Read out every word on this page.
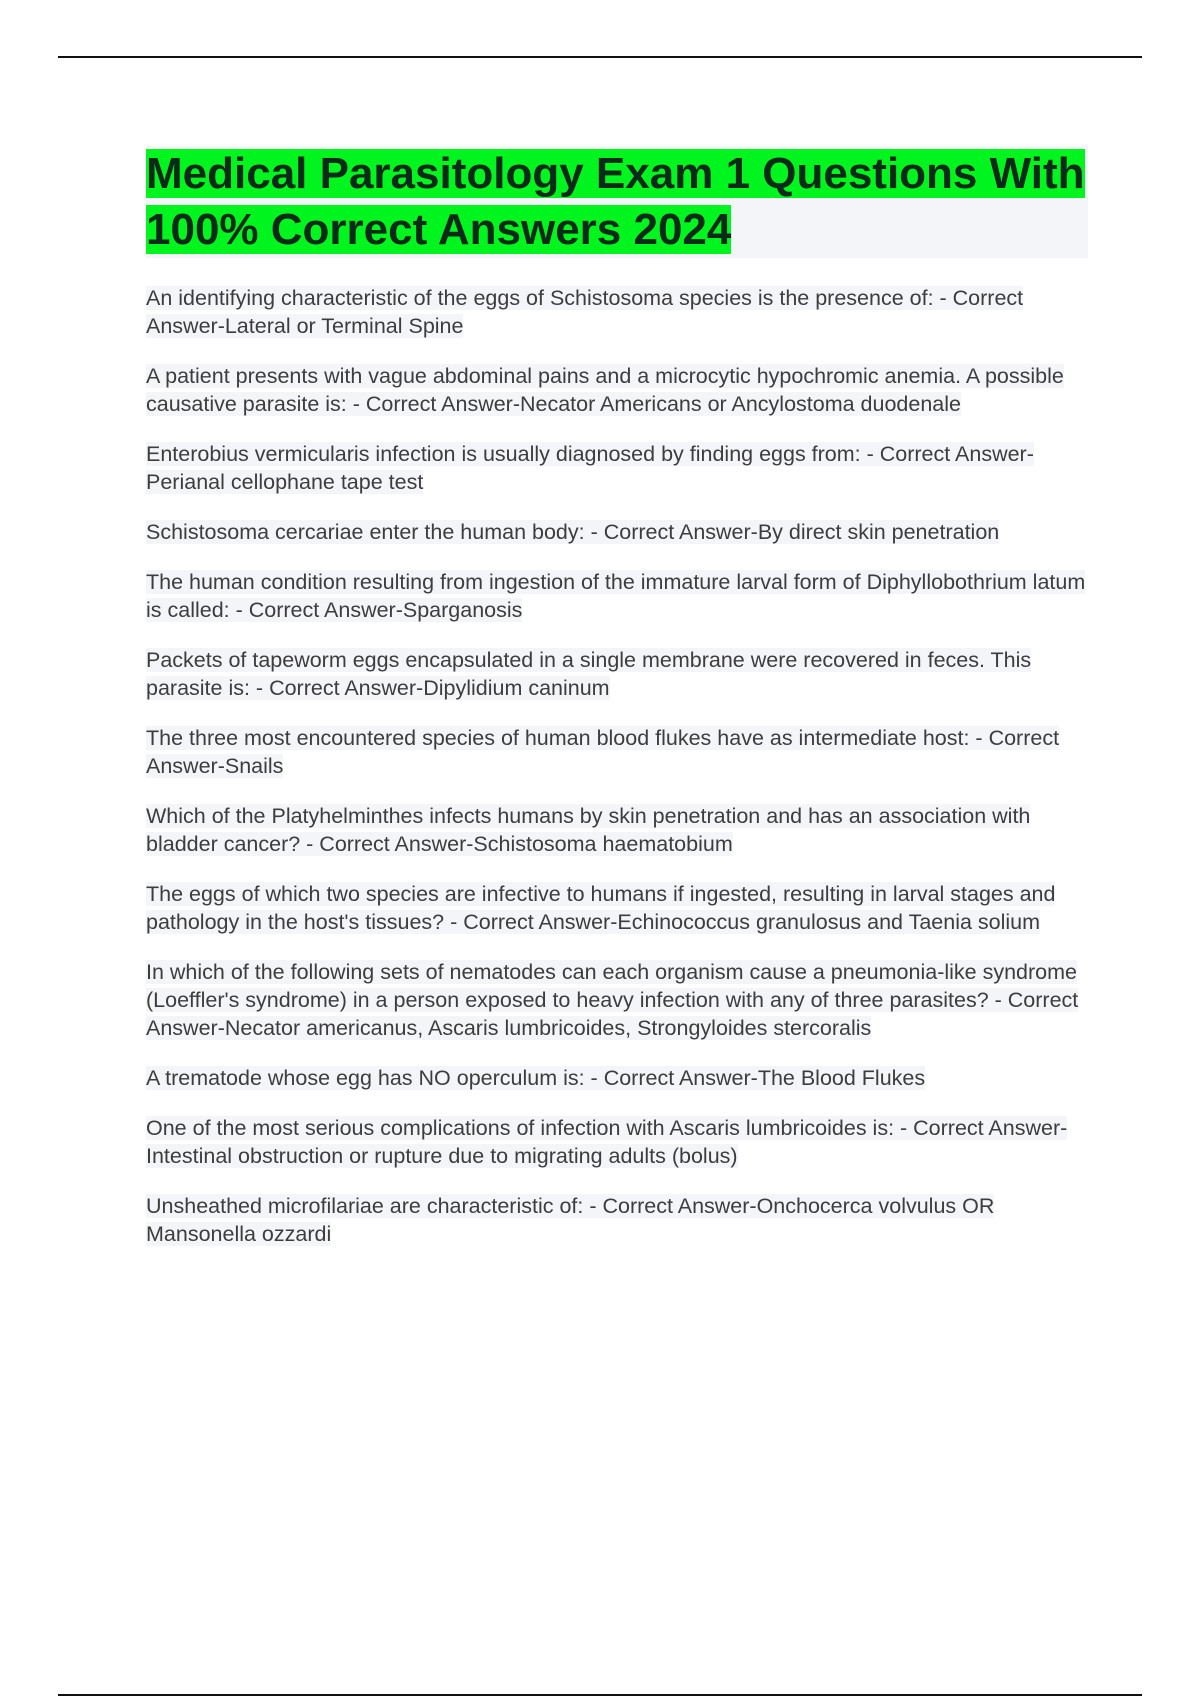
Medical Parasitology Exam 1 Questions With 100% Correct Answers 2024

An identifying characteristic of the eggs of Schistosoma species is the presence of: - Correct Answer-Lateral or Terminal Spine

A patient presents with vague abdominal pains and a microcytic hypochromic anemia. A possible causative parasite is: - Correct Answer-Necator Americans or Ancylostoma duodenale

Enterobius vermicularis infection is usually diagnosed by finding eggs from: - Correct Answer-Perianal cellophane tape test

Schistosoma cercariae enter the human body: - Correct Answer-By direct skin penetration

The human condition resulting from ingestion of the immature larval form of Diphyllobothrium latum is called: - Correct Answer-Sparganosis

Packets of tapeworm eggs encapsulated in a single membrane were recovered in feces. This parasite is: - Correct Answer-Dipylidium caninum

The three most encountered species of human blood flukes have as intermediate host: - Correct Answer-Snails

Which of the Platyhelminthes infects humans by skin penetration and has an association with bladder cancer? - Correct Answer-Schistosoma haematobium

The eggs of which two species are infective to humans if ingested, resulting in larval stages and pathology in the host's tissues? - Correct Answer-Echinococcus granulosus and Taenia solium

In which of the following sets of nematodes can each organism cause a pneumonia-like syndrome (Loeffler's syndrome) in a person exposed to heavy infection with any of three parasites? - Correct Answer-Necator americanus, Ascaris lumbricoides, Strongyloides stercoralis

A trematode whose egg has NO operculum is: - Correct Answer-The Blood Flukes

One of the most serious complications of infection with Ascaris lumbricoides is: - Correct Answer-Intestinal obstruction or rupture due to migrating adults (bolus)

Unsheathed microfilariae are characteristic of: - Correct Answer-Onchocerca volvulus OR Mansonella ozzardi
